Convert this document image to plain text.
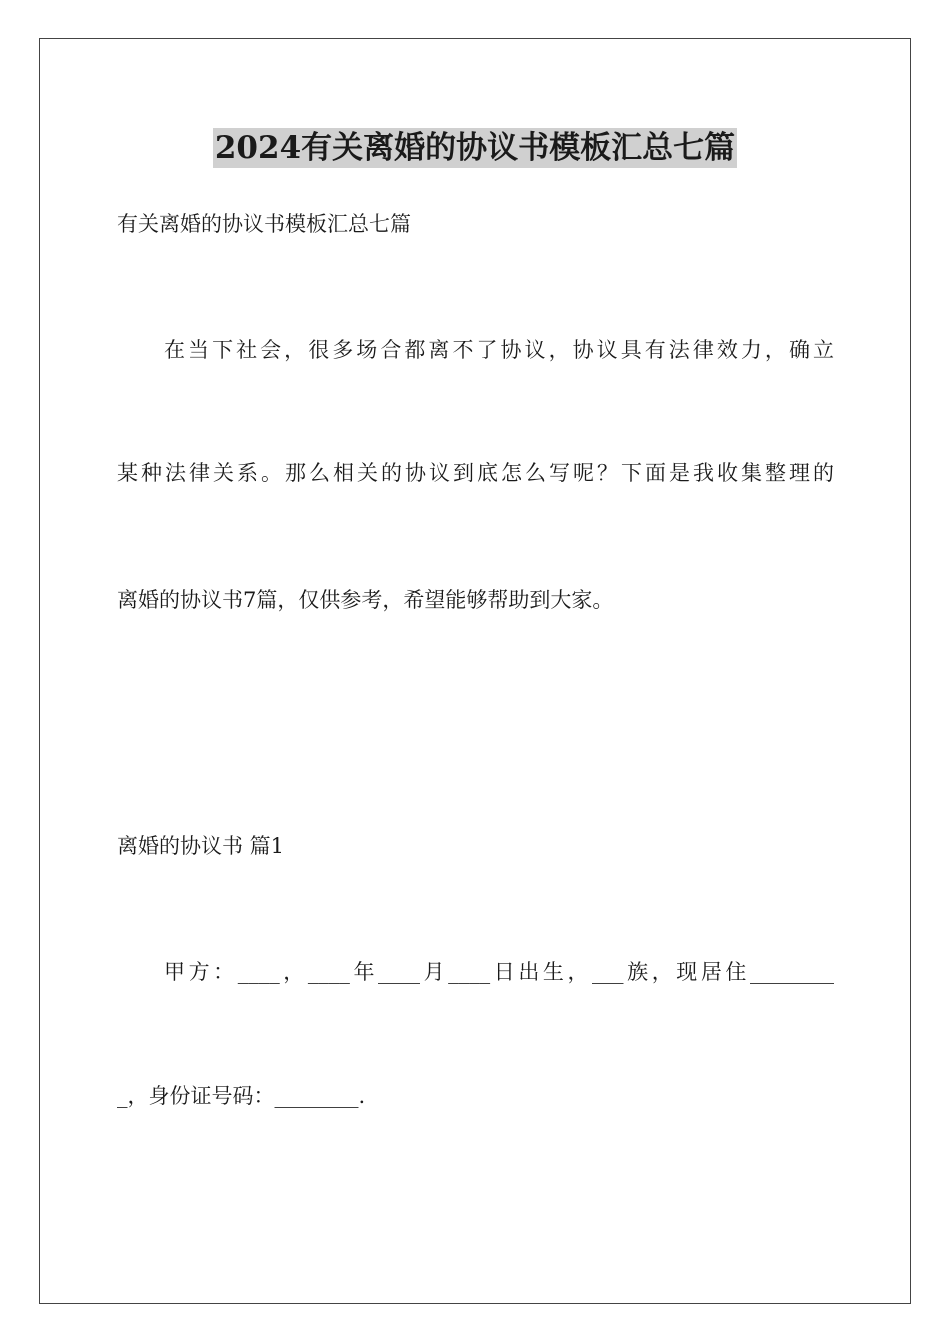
2024有关离婚的协议书模板汇总七篇
有关离婚的协议书模板汇总七篇
在当下社会，很多场合都离不了协议，协议具有法律效力，确立
某种法律关系。那么相关的协议到底怎么写呢？下面是我收集整理的
离婚的协议书7篇，仅供参考，希望能够帮助到大家。
离婚的协议书 篇1
甲方：____，____年____月____日出生，___族，现居住________
_，身份证号码：________.
